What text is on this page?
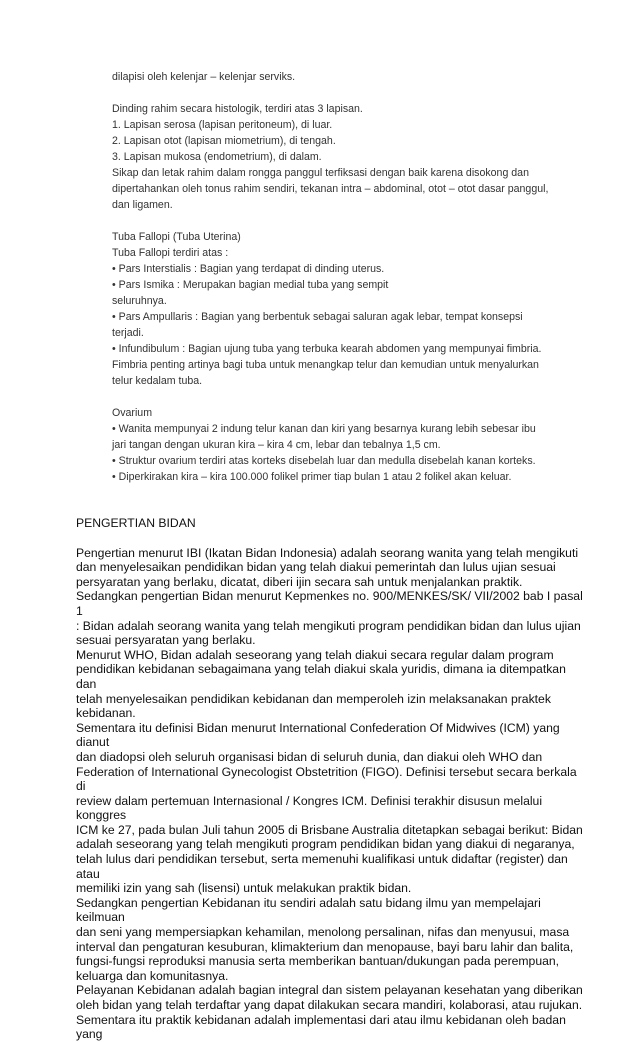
dilapisi oleh kelenjar – kelenjar serviks.

Dinding rahim secara histologik, terdiri atas 3 lapisan.

1. Lapisan serosa (lapisan peritoneum), di luar.

2. Lapisan otot (lapisan miometrium), di tengah.

3. Lapisan mukosa (endometrium), di dalam.

Sikap dan letak rahim dalam rongga panggul terfiksasi dengan baik karena disokong dan

dipertahankan oleh tonus rahim sendiri, tekanan intra – abdominal, otot – otot dasar panggul,

dan ligamen.

Tuba Fallopi (Tuba Uterina)

Tuba Fallopi terdiri atas :

• Pars Interstialis : Bagian yang terdapat di dinding uterus.

• Pars Ismika : Merupakan bagian medial tuba yang sempit

seluruhnya.

• Pars Ampullaris : Bagian yang berbentuk sebagai saluran agak lebar, tempat konsepsi

terjadi.

• Infundibulum : Bagian ujung tuba yang terbuka kearah abdomen yang mempunyai fimbria.

Fimbria penting artinya bagi tuba untuk menangkap telur dan kemudian untuk menyalurkan

telur kedalam tuba.

Ovarium

• Wanita mempunyai 2 indung telur kanan dan kiri yang besarnya kurang lebih sebesar ibu

jari tangan dengan ukuran kira – kira 4 cm, lebar dan tebalnya 1,5 cm.

• Struktur ovarium terdiri atas korteks disebelah luar dan medulla disebelah kanan korteks.

• Diperkirakan kira – kira 100.000 folikel primer tiap bulan 1 atau 2 folikel akan keluar.

PENGERTIAN BIDAN

Pengertian menurut IBI (Ikatan Bidan Indonesia) adalah seorang wanita yang telah mengikuti

dan menyelesaikan pendidikan bidan yang telah diakui pemerintah dan lulus ujian sesuai

persyaratan yang berlaku, dicatat, diberi ijin secara sah untuk menjalankan praktik.

Sedangkan pengertian Bidan menurut Kepmenkes no. 900/MENKES/SK/ VII/2002 bab I pasal 1

: Bidan adalah seorang wanita yang telah mengikuti program pendidikan bidan dan lulus ujian

sesuai persyaratan yang berlaku.

Menurut WHO, Bidan adalah seseorang yang telah diakui secara regular dalam program

pendidikan kebidanan sebagaimana yang telah diakui skala yuridis, dimana ia ditempatkan dan

telah menyelesaikan pendidikan kebidanan dan memperoleh izin melaksanakan praktek

kebidanan.

Sementara itu definisi Bidan menurut International Confederation Of Midwives (ICM) yang dianut

dan diadopsi oleh seluruh organisasi bidan di seluruh dunia, dan diakui oleh WHO dan

Federation of International Gynecologist Obstetrition (FIGO). Definisi tersebut secara berkala di

review dalam pertemuan Internasional / Kongres ICM. Definisi terakhir disusun melalui konggres

ICM ke 27, pada bulan Juli tahun 2005 di Brisbane Australia ditetapkan sebagai berikut: Bidan

adalah seseorang yang telah mengikuti program pendidikan bidan yang diakui di negaranya,

telah lulus dari pendidikan tersebut, serta memenuhi kualifikasi untuk didaftar (register) dan atau

memiliki izin yang sah (lisensi) untuk melakukan praktik bidan.

Sedangkan pengertian Kebidanan itu sendiri adalah satu bidang ilmu yan mempelajari keilmuan

dan seni yang mempersiapkan kehamilan, menolong persalinan, nifas dan menyusui, masa

interval dan pengaturan kesuburan, klimakterium dan menopause, bayi baru lahir dan balita,

fungsi-fungsi reproduksi manusia serta memberikan bantuan/dukungan pada perempuan,

keluarga dan komunitasnya.

Pelayanan Kebidanan adalah bagian integral dan sistem pelayanan kesehatan yang diberikan

oleh bidan yang telah terdaftar yang dapat dilakukan secara mandiri, kolaborasi, atau rujukan.

Sementara itu praktik kebidanan adalah implementasi dari atau ilmu kebidanan oleh badan yang
